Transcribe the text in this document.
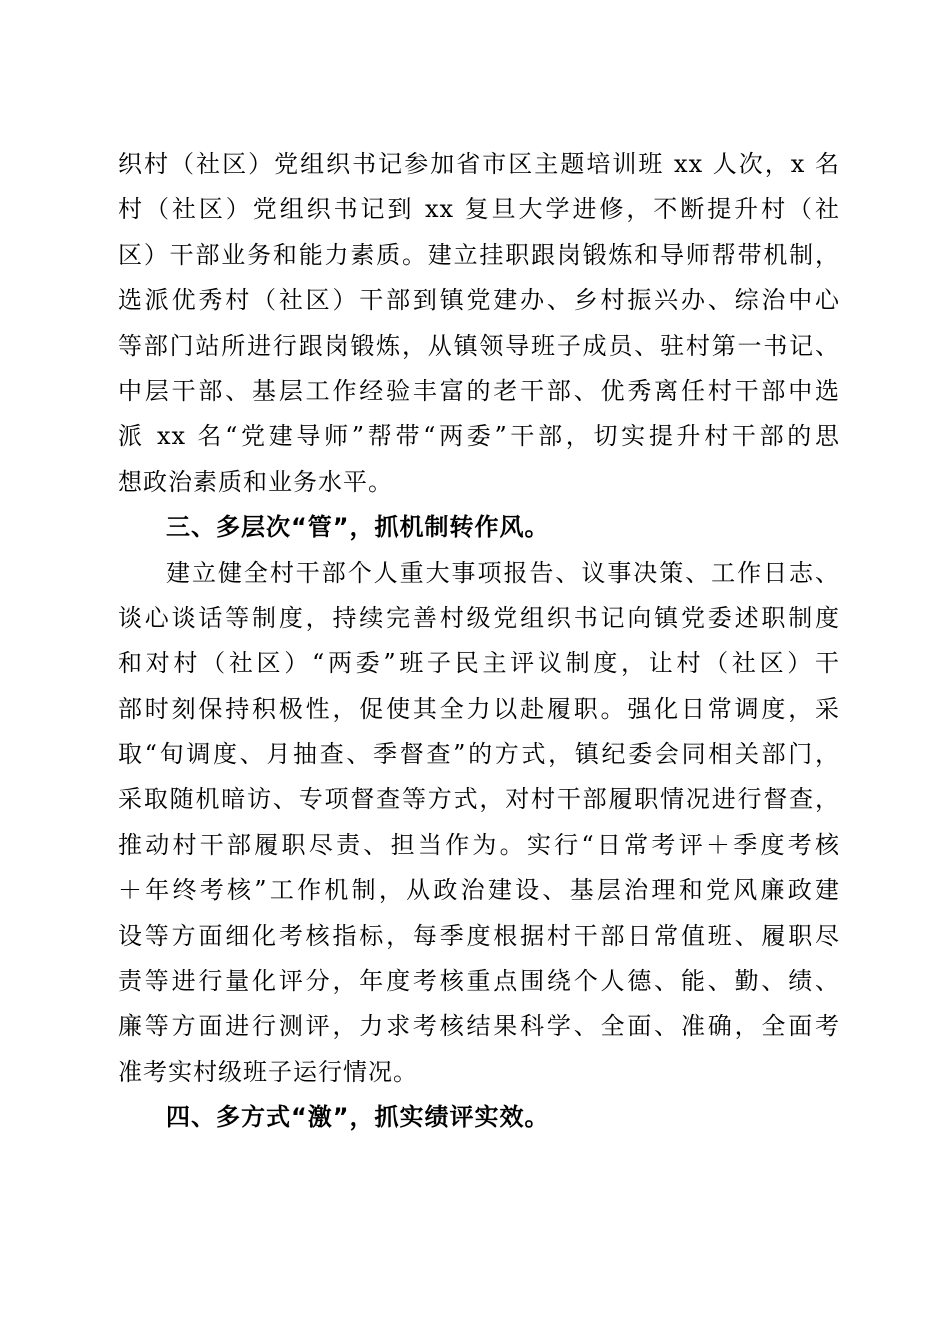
织村（社区）党组织书记参加省市区主题培训班 xx 人次，x 名
村（社区）党组织书记到 xx 复旦大学进修，不断提升村（社
区）干部业务和能力素质。建立挂职跟岗锻炼和导师帮带机制，
选派优秀村（社区）干部到镇党建办、乡村振兴办、综治中心
等部门站所进行跟岗锻炼，从镇领导班子成员、驻村第一书记、
中层干部、基层工作经验丰富的老干部、优秀离任村干部中选
派 xx 名“党建导师”帮带“两委”干部，切实提升村干部的思
想政治素质和业务水平。
三、多层次“管”，抓机制转作风。
建立健全村干部个人重大事项报告、议事决策、工作日志、
谈心谈话等制度，持续完善村级党组织书记向镇党委述职制度
和对村（社区）“两委”班子民主评议制度，让村（社区）干
部时刻保持积极性，促使其全力以赴履职。强化日常调度，采
取“旬调度、月抽查、季督查”的方式，镇纪委会同相关部门，
采取随机暗访、专项督查等方式，对村干部履职情况进行督查，
推动村干部履职尽责、担当作为。实行“日常考评＋季度考核
＋年终考核”工作机制，从政治建设、基层治理和党风廉政建
设等方面细化考核指标，每季度根据村干部日常值班、履职尽
责等进行量化评分，年度考核重点围绕个人德、能、勤、绩、
廉等方面进行测评，力求考核结果科学、全面、准确，全面考
准考实村级班子运行情况。
四、多方式“激”，抓实绩评实效。
